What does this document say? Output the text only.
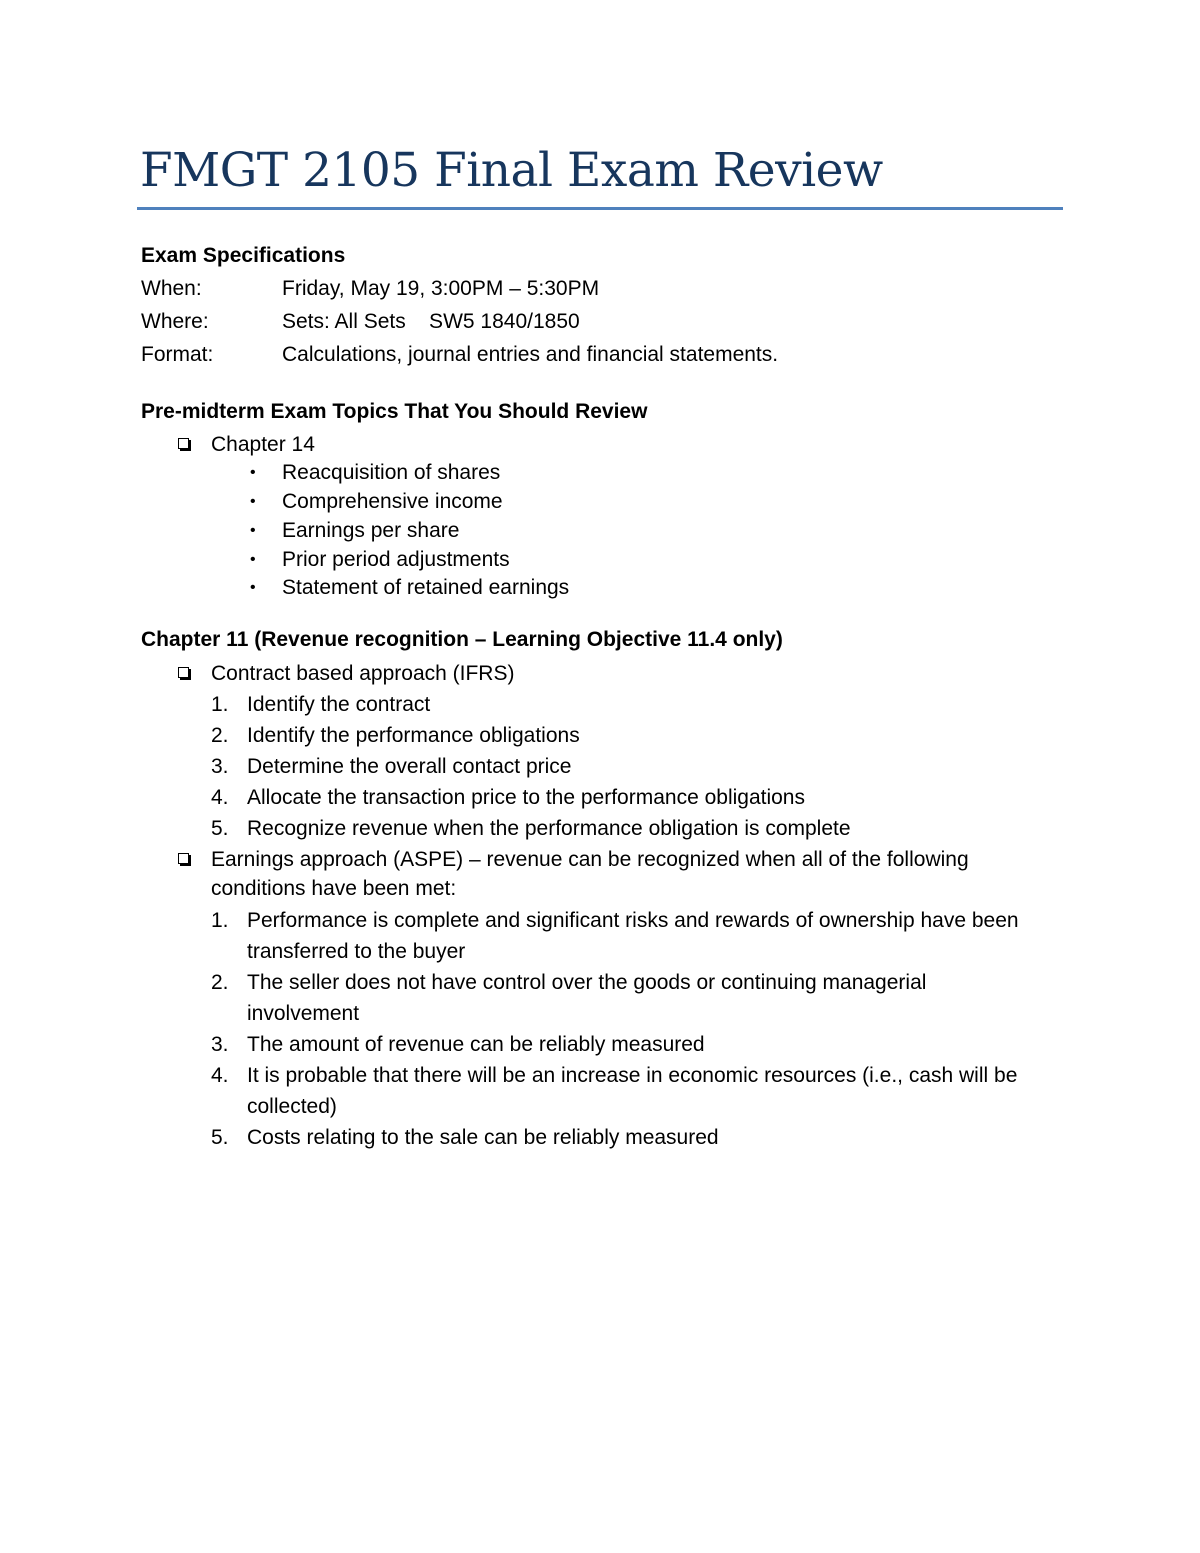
FMGT 2105 Final Exam Review
Exam Specifications
When:	Friday, May 19, 3:00PM – 5:30PM
Where:	Sets: All Sets    SW5 1840/1850
Format:	Calculations, journal entries and financial statements.
Pre-midterm Exam Topics That You Should Review
Chapter 14
• Reacquisition of shares
• Comprehensive income
• Earnings per share
• Prior period adjustments
• Statement of retained earnings
Chapter 11 (Revenue recognition – Learning Objective 11.4 only)
Contract based approach (IFRS)
1. Identify the contract
2. Identify the performance obligations
3. Determine the overall contact price
4. Allocate the transaction price to the performance obligations
5. Recognize revenue when the performance obligation is complete
Earnings approach (ASPE) – revenue can be recognized when all of the following
conditions have been met:
1. Performance is complete and significant risks and rewards of ownership have been
transferred to the buyer
2. The seller does not have control over the goods or continuing managerial
involvement
3. The amount of revenue can be reliably measured
4. It is probable that there will be an increase in economic resources (i.e., cash will be
collected)
5. Costs relating to the sale can be reliably measured
